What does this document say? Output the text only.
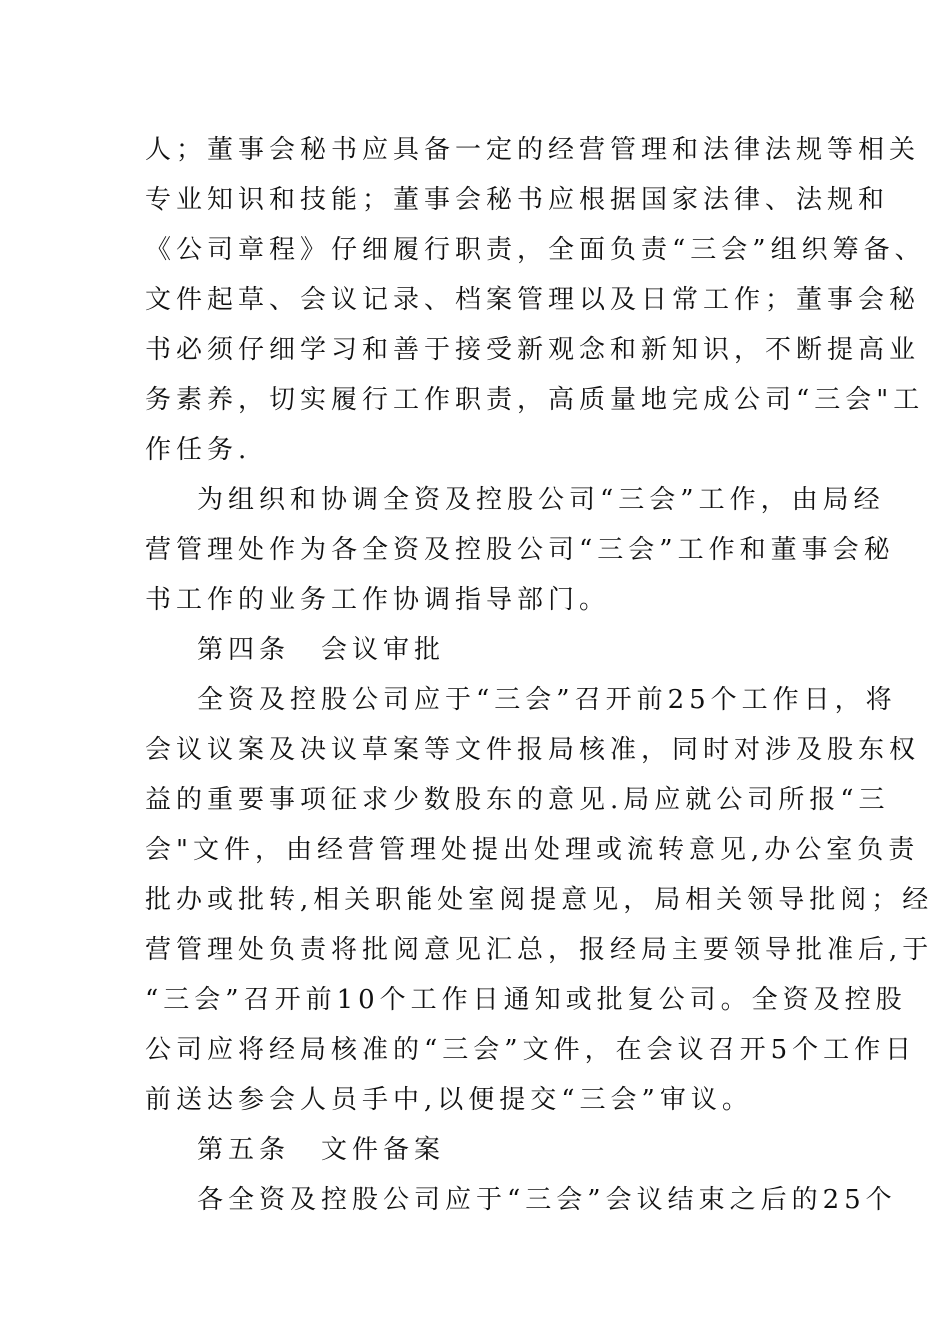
人；董事会秘书应具备一定的经营管理和法律法规等相关
专业知识和技能；董事会秘书应根据国家法律、法规和
《公司章程》仔细履行职责，全面负责“三会”组织筹备、
文件起草、会议记录、档案管理以及日常工作；董事会秘
书必须仔细学习和善于接受新观念和新知识，不断提高业
务素养，切实履行工作职责，高质量地完成公司“三会"工
作任务.
为组织和协调全资及控股公司“三会”工作，由局经
营管理处作为各全资及控股公司“三会”工作和董事会秘
书工作的业务工作协调指导部门。
第四条　会议审批
全资及控股公司应于“三会”召开前25个工作日，将
会议议案及决议草案等文件报局核准，同时对涉及股东权
益的重要事项征求少数股东的意见.局应就公司所报“三
会"文件，由经营管理处提出处理或流转意见,办公室负责
批办或批转,相关职能处室阅提意见，局相关领导批阅；经
营管理处负责将批阅意见汇总，报经局主要领导批准后,于
“三会”召开前10个工作日通知或批复公司。全资及控股
公司应将经局核准的“三会”文件，在会议召开5个工作日
前送达参会人员手中,以便提交“三会”审议。
第五条　文件备案
各全资及控股公司应于“三会”会议结束之后的25个
